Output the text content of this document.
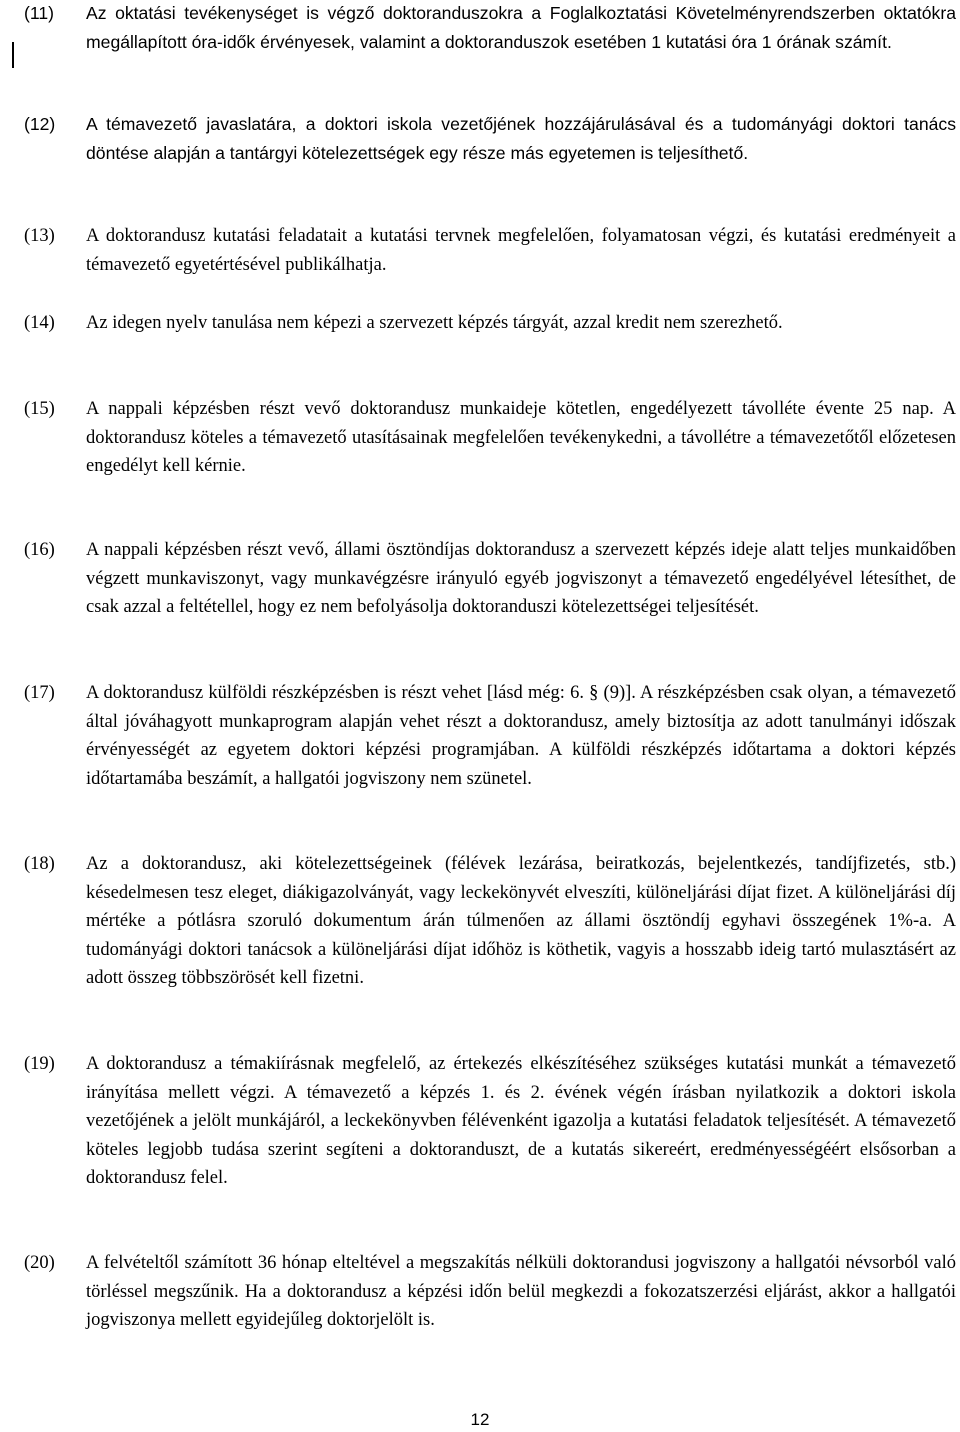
(11) Az oktatási tevékenységet is végző doktoranduszokra a Foglalkoztatási Követelményrendszerben oktatókra megállapított óra-idők érvényesek, valamint a doktoranduszok esetében 1 kutatási óra 1 órának számít.
(12) A témavezető javaslatára, a doktori iskola vezetőjének hozzájárulásával és a tudományági doktori tanács döntése alapján a tantárgyi kötelezettségek egy része más egyetemen is teljesíthető.
(13) A doktorandusz kutatási feladatait a kutatási tervnek megfelelően, folyamatosan végzi, és kutatási eredményeit a témavezető egyetértésével publikálhatja.
(14) Az idegen nyelv tanulása nem képezi a szervezett képzés tárgyát, azzal kredit nem szerezhető.
(15) A nappali képzésben részt vevő doktorandusz munkaideje kötetlen, engedélyezett távolléte évente 25 nap. A doktorandusz köteles a témavezető utasításainak megfelelően tevékenykedni, a távollétre a témavezetőtől előzetesen engedélyt kell kérnie.
(16) A nappali képzésben részt vevő, állami ösztöndíjas doktorandusz a szervezett képzés ideje alatt teljes munkaidőben végzett munkaviszonyt, vagy munkavégzésre irányuló egyéb jogviszonyt a témavezető engedélyével létesíthet, de csak azzal a feltétellel, hogy ez nem befolyásolja doktoranduszi kötelezettségei teljesítését.
(17) A doktorandusz külföldi részképzésben is részt vehet [lásd még: 6. § (9)]. A részképzésben csak olyan, a témavezető által jóváhagyott munkaprogram alapján vehet részt a doktorandusz, amely biztosítja az adott tanulmányi időszak érvényességét az egyetem doktori képzési programjában. A külföldi részképzés időtartama a doktori képzés időtartamába beszámít, a hallgatói jogviszony nem szünetel.
(18) Az a doktorandusz, aki kötelezettségeinek (félévek lezárása, beiratkozás, bejelentkezés, tandíjfizetés, stb.) késedelmesen tesz eleget, diákigazolványát, vagy leckekönyvét elveszíti, különeljárási díjat fizet. A különeljárási díj mértéke a pótlásra szoruló dokumentum árán túlmenően az állami ösztöndíj egyhavi összegének 1%-a. A tudományági doktori tanácsok a különeljárási díjat időhöz is köthetik, vagyis a hosszabb ideig tartó mulasztásért az adott összeg többszörösét kell fizetni.
(19) A doktorandusz a témakiírásnak megfelelő, az értekezés elkészítéséhez szükséges kutatási munkát a témavezető irányítása mellett végzi. A témavezető a képzés 1. és 2. évének végén írásban nyilatkozik a doktori iskola vezetőjének a jelölt munkájáról, a leckekönyvben félévenként igazolja a kutatási feladatok teljesítését. A témavezető köteles legjobb tudása szerint segíteni a doktoranduszt, de a kutatás sikereért, eredményességéért elsősorban a doktorandusz felel.
(20) A felvételtől számított 36 hónap elteltével a megszakítás nélküli doktorandusi jogviszony a hallgatói névsorból való törléssel megszűnik. Ha a doktorandusz a képzési időn belül megkezdi a fokozatszerzési eljárást, akkor a hallgatói jogviszonya mellett egyidejűleg doktorjelölt is.
12
